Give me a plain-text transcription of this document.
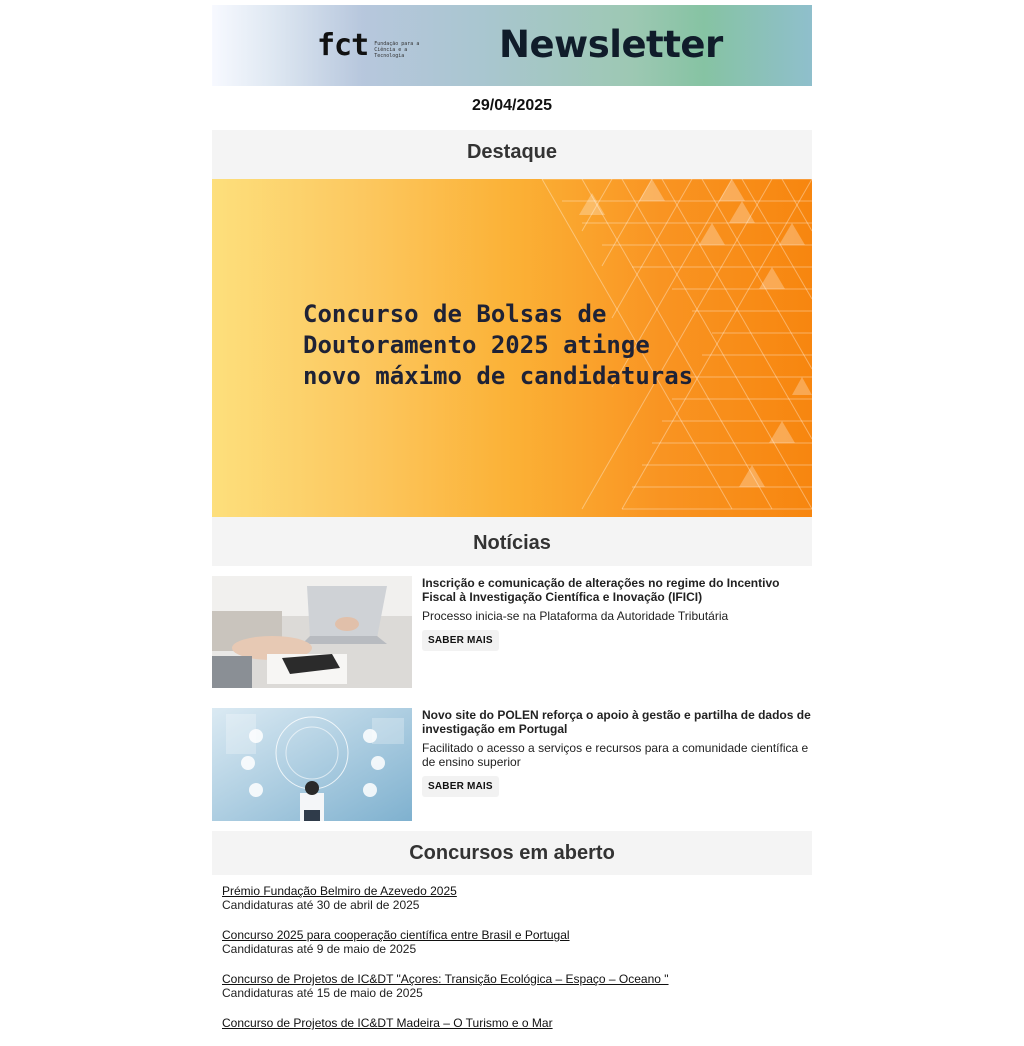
fct Fundação para a Ciência e a Tecnologia	Newsletter
29/04/2025
Destaque
Concurso de Bolsas de
Doutoramento 2025 atinge
novo máximo de candidaturas
Notícias
Inscrição e comunicação de alterações no regime do Incentivo Fiscal à Investigação Científica e Inovação (IFICI)

Processo inicia-se na Plataforma da Autoridade Tributária

SABER MAIS
Novo site do POLEN reforça o apoio à gestão e partilha de dados de investigação em Portugal

Facilitado o acesso a serviços e recursos para a comunidade científica e de ensino superior

SABER MAIS
Concursos em aberto
Prémio Fundação Belmiro de Azevedo 2025
Candidaturas até 30 de abril de 2025
Concurso 2025 para cooperação científica entre Brasil e Portugal
Candidaturas até 9 de maio de 2025
Concurso de Projetos de IC&DT "Açores: Transição Ecológica – Espaço – Oceano "
Candidaturas até 15 de maio de 2025
Concurso de Projetos de IC&DT Madeira – O Turismo e o Mar
